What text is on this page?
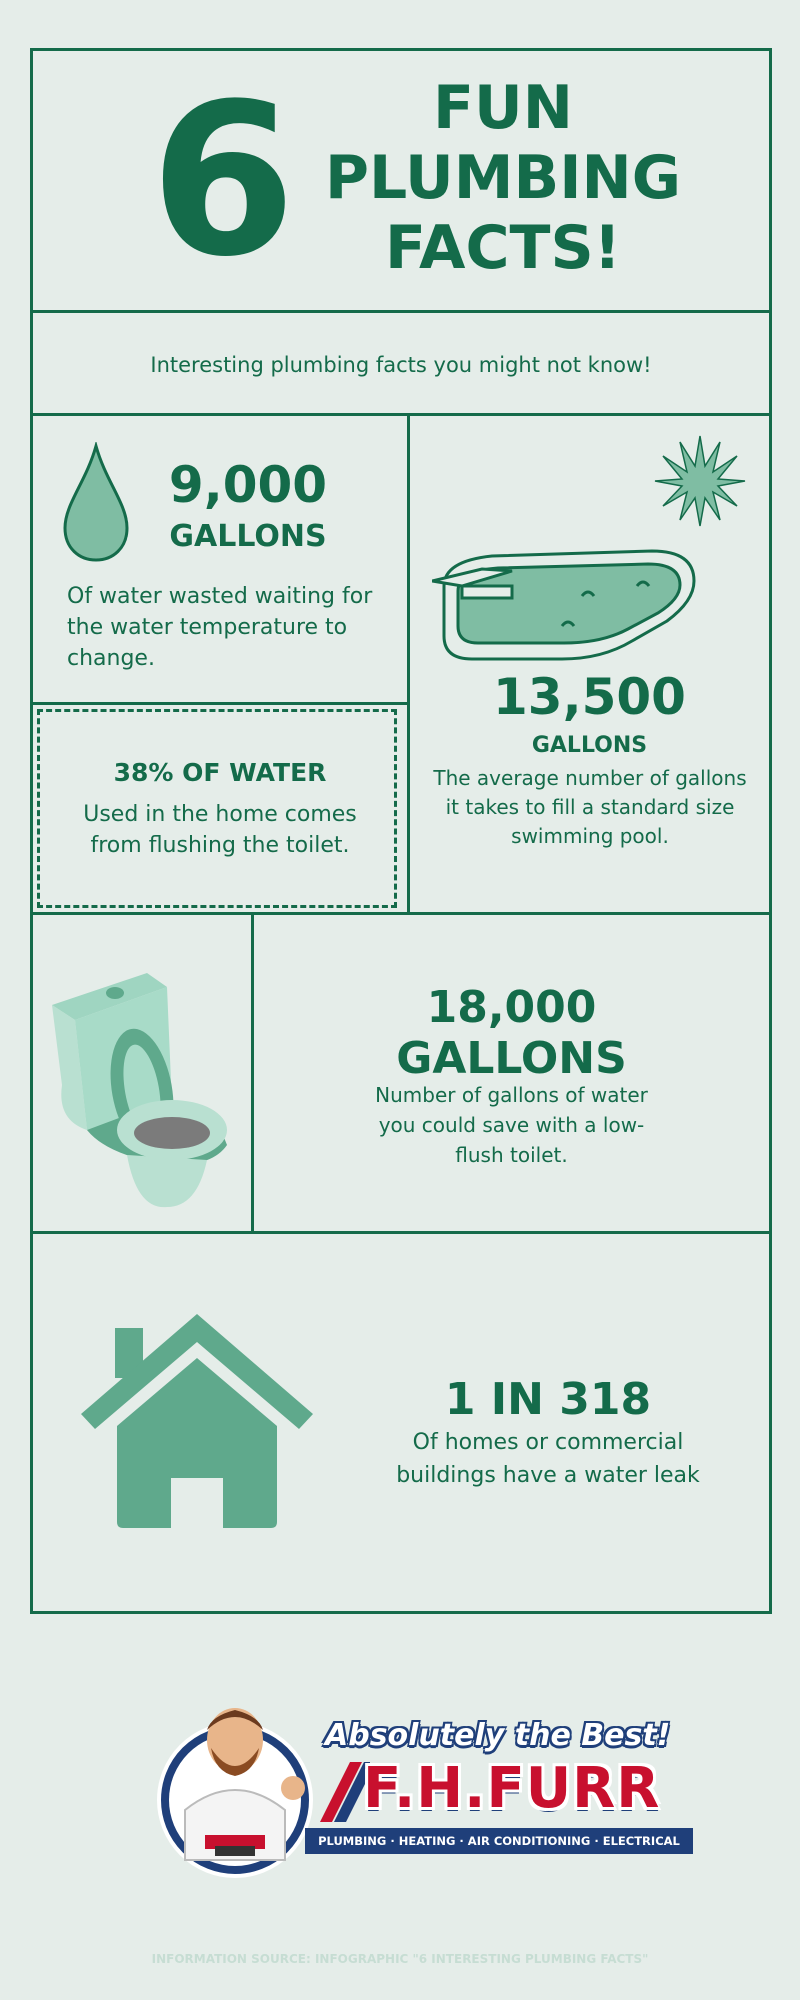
6	FUN
PLUMBING
FACTS!
Interesting plumbing facts you might not know!
9,000
GALLONS
Of water wasted waiting for the water temperature to change.
38% OF WATER
Used in the home comes from flushing the toilet.
13,500
GALLONS
The average number of gallons it takes to fill a standard size swimming pool.
18,000
GALLONS
Number of gallons of water you could save with a low-flush toilet.
1 IN 318
Of homes or commercial buildings have a water leak
Absolutely the Best!
F.H.FURR
PLUMBING · HEATING · AIR CONDITIONING · ELECTRICAL
INFORMATION SOURCE: INFOGRAPHIC "6 INTERESTING PLUMBING FACTS"
